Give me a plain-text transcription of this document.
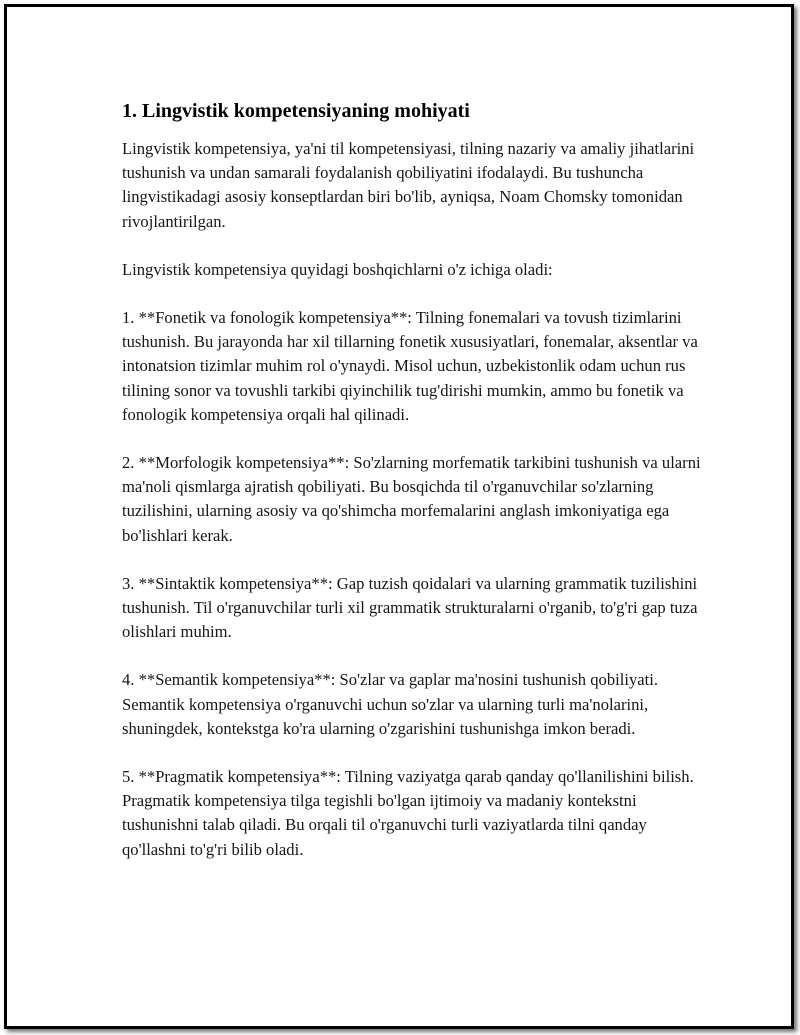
1. Lingvistik kompetensiyaning mohiyati

Lingvistik kompetensiya, ya'ni til kompetensiyasi, tilning nazariy va amaliy jihatlarini tushunish va undan samarali foydalanish qobiliyatini ifodalaydi. Bu tushuncha lingvistikadagi asosiy konseptlardan biri bo'lib, ayniqsa, Noam Chomsky tomonidan rivojlantirilgan.

Lingvistik kompetensiya quyidagi boshqichlarni o'z ichiga oladi:

1. **Fonetik va fonologik kompetensiya**: Tilning fonemalari va tovush tizimlarini tushunish. Bu jarayonda har xil tillarning fonetik xususiyatlari, fonemalar, aksentlar va intonatsion tizimlar muhim rol o'ynaydi. Misol uchun, uzbekistonlik odam uchun rus tilining sonor va tovushli tarkibi qiyinchilik tug'dirishi mumkin, ammo bu fonetik va fonologik kompetensiya orqali hal qilinadi.

2. **Morfologik kompetensiya**: So'zlarning morfematik tarkibini tushunish va ularni ma'noli qismlarga ajratish qobiliyati. Bu bosqichda til o'rganuvchilar so'zlarning tuzilishini, ularning asosiy va qo'shimcha morfemalarini anglash imkoniyatiga ega bo'lishlari kerak.

3. **Sintaktik kompetensiya**: Gap tuzish qoidalari va ularning grammatik tuzilishini tushunish. Til o'rganuvchilar turli xil grammatik strukturalarni o'rganib, to'g'ri gap tuza olishlari muhim.

4. **Semantik kompetensiya**: So'zlar va gaplar ma'nosini tushunish qobiliyati. Semantik kompetensiya o'rganuvchi uchun so'zlar va ularning turli ma'nolarini, shuningdek, kontekstga ko'ra ularning o'zgarishini tushunishga imkon beradi.

5. **Pragmatik kompetensiya**: Tilning vaziyatga qarab qanday qo'llanilishini bilish. Pragmatik kompetensiya tilga tegishli bo'lgan ijtimoiy va madaniy kontekstni tushunishni talab qiladi. Bu orqali til o'rganuvchi turli vaziyatlarda tilni qanday qo'llashni to'g'ri bilib oladi.
